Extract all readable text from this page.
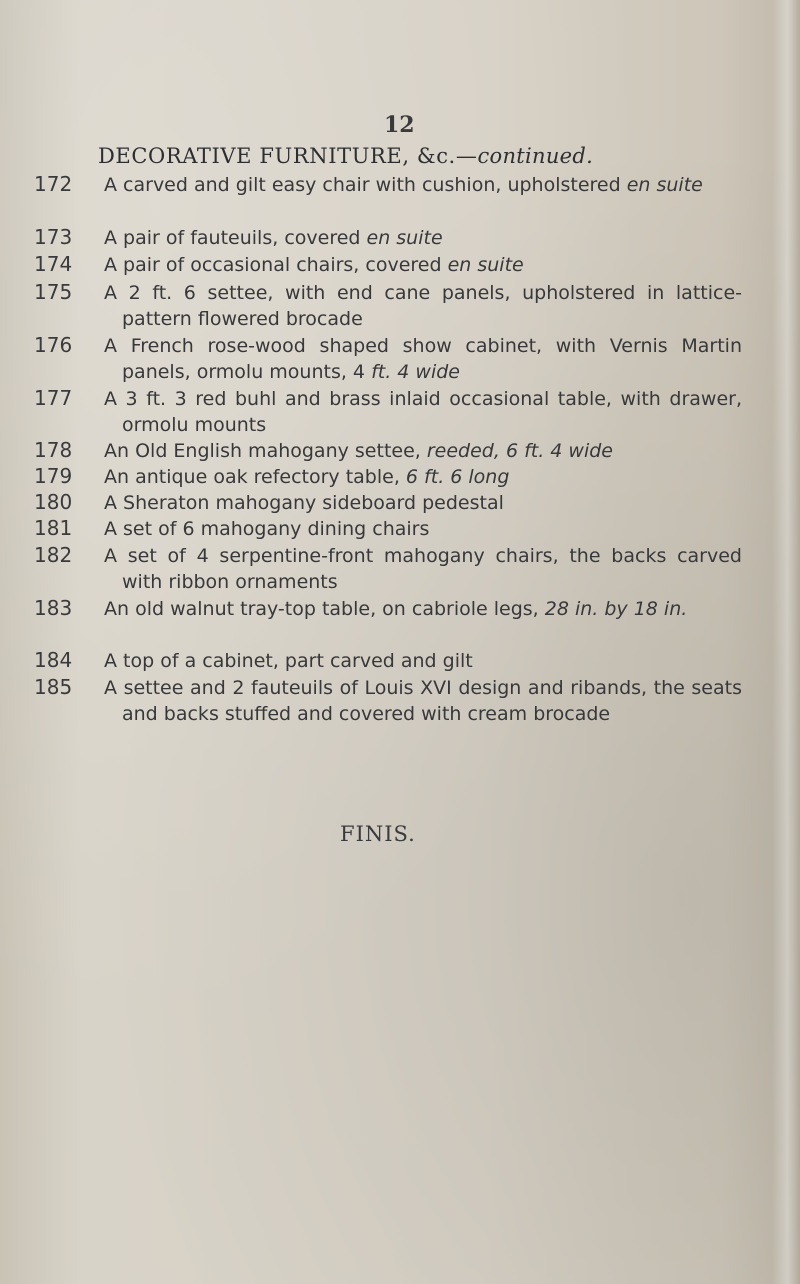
12
DECORATIVE FURNITURE, &c.—continued.
172 A carved and gilt easy chair with cushion, upholstered en suite
173 A pair of fauteuils, covered en suite
174 A pair of occasional chairs, covered en suite
175 A 2 ft. 6 settee, with end cane panels, upholstered in lattice-pattern flowered brocade
176 A French rose-wood shaped show cabinet, with Vernis Martin panels, ormolu mounts, 4 ft. 4 wide
177 A 3 ft. 3 red buhl and brass inlaid occasional table, with drawer, ormolu mounts
178 An Old English mahogany settee, reeded, 6 ft. 4 wide
179 An antique oak refectory table, 6 ft. 6 long
180 A Sheraton mahogany sideboard pedestal
181 A set of 6 mahogany dining chairs
182 A set of 4 serpentine-front mahogany chairs, the backs carved with ribbon ornaments
183 An old walnut tray-top table, on cabriole legs, 28 in. by 18 in.
184 A top of a cabinet, part carved and gilt
185 A settee and 2 fauteuils of Louis XVI design and ribands, the seats and backs stuffed and covered with cream brocade
FINIS.
